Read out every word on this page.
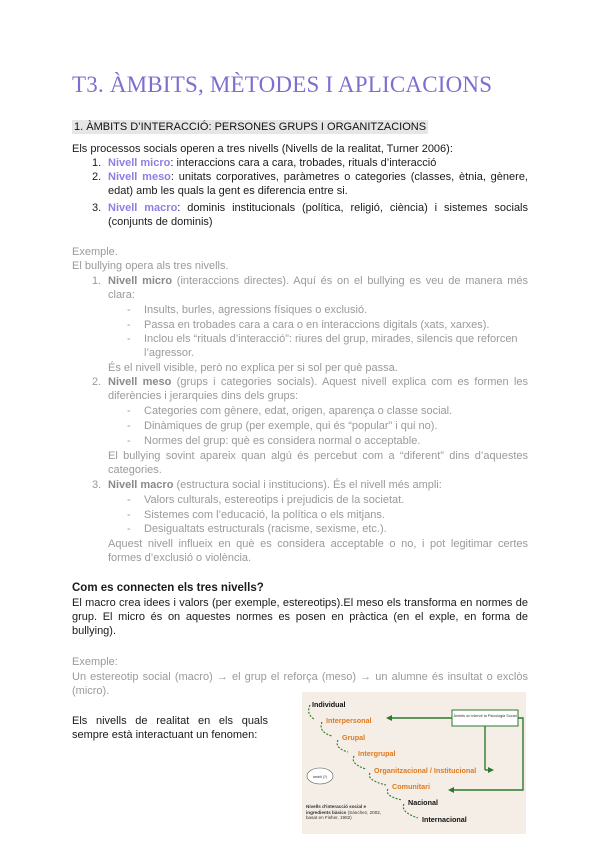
T3. ÀMBITS, MÈTODES I APLICACIONS
1. ÀMBITS D’INTERACCIÓ: PERSONES GRUPS I ORGANITZACIONS

Els processos socials operen a tres nivells (Nivells de la realitat, Turner 2006):

1. Nivell micro: interaccions cara a cara, trobades, rituals d’interacció

2. Nivell meso: unitats corporatives, paràmetres o categories (classes, ètnia, gènere, edat) amb les quals la gent es diferencia entre si.

3. Nivell macro: dominis institucionals (política, religió, ciència) i sistemes socials (conjunts de dominis)

Exemple.

El bullying opera als tres nivells.

1. Nivell micro (interaccions directes). Aquí és on el bullying es veu de manera més clara:

- Insults, burles, agressions físiques o exclusió.

- Passa en trobades cara a cara o en interaccions digitals (xats, xarxes).

- Inclou els “rituals d’interacció”: riures del grup, mirades, silencis que reforcen l’agressor.

És el nivell visible, però no explica per si sol per què passa.

2. Nivell meso (grups i categories socials). Aquest nivell explica com es formen les diferències i jerarquies dins dels grups:

- Categories com gènere, edat, origen, aparença o classe social.

- Dinàmiques de grup (per exemple, qui és “popular” i qui no).

- Normes del grup: què es considera normal o acceptable.

El bullying sovint apareix quan algú és percebut com a “diferent” dins d’aquestes categories.

3. Nivell macro (estructura social i institucions). És el nivell més ampli:

- Valors culturals, estereotips i prejudicis de la societat.

- Sistemes com l’educació, la política o els mitjans.

- Desigualtats estructurals (racisme, sexisme, etc.).

Aquest nivell influeix en què es considera acceptable o no, i pot legitimar certes formes d’exclusió o violència.

Com es connecten els tres nivells?

El macro crea idees i valors (per exemple, estereotips).El meso els transforma en normes de grup. El micro és on aquestes normes es posen en pràctica (en el exple, en forma de bullying).

Exemple:

Un estereotip social (macro) → el grup el reforça (meso) → un alumne és insultat o exclòs (micro).

Els nivells de realitat en els quals sempre està interactuant un fenomen:

Àmbits on intervé la Psicologia Social
Individual
Interpersonal
Grupal
Intergrupal
Organitzacional / Institucional
Comunitari
Nacional
Internacional
àmbit (?)
Nivells d’interacció social e ingredients bàsics (Sánchez, 2002, basat en Fisher, 1982)
